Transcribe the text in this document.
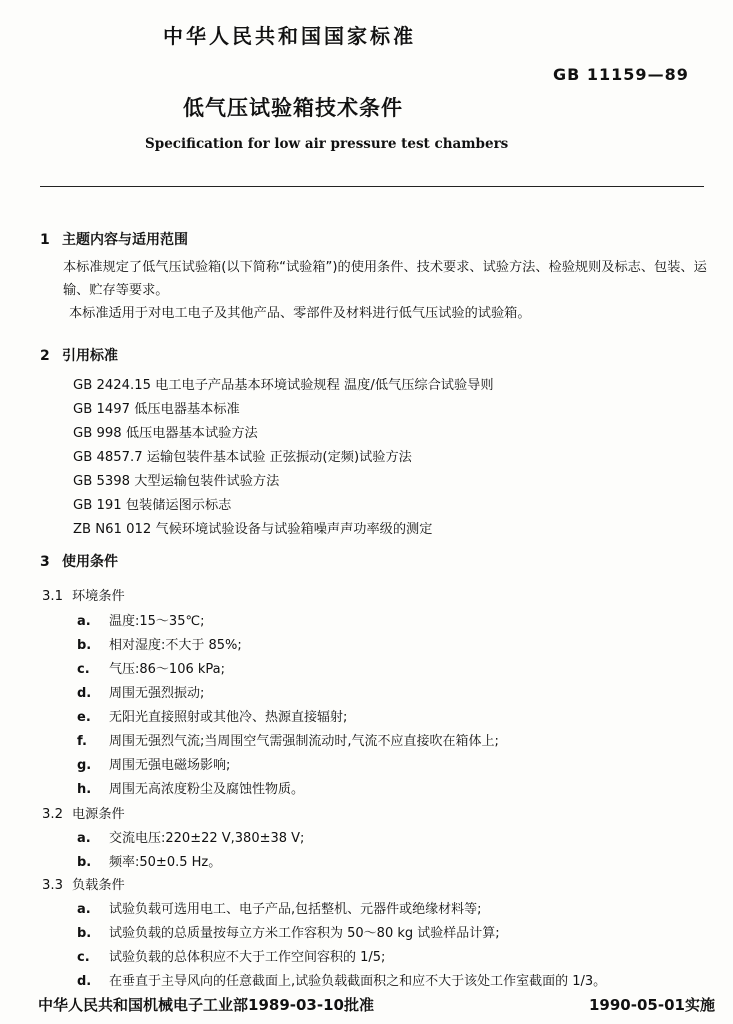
中华人民共和国国家标准
GB 11159—89
低气压试验箱技术条件
Specification for low air pressure test chambers
1 主题内容与适用范围
本标准规定了低气压试验箱(以下简称“试验箱”)的使用条件、技术要求、试验方法、检验规则及标志、包装、运输、贮存等要求。
本标准适用于对电工电子及其他产品、零部件及材料进行低气压试验的试验箱。
2 引用标准
GB 2424.15 电工电子产品基本环境试验规程 温度/低气压综合试验导则
GB 1497 低压电器基本标准
GB 998 低压电器基本试验方法
GB 4857.7 运输包装件基本试验 正弦振动(定频)试验方法
GB 5398 大型运输包装件试验方法
GB 191 包装储运图示标志
ZB N61 012 气候环境试验设备与试验箱噪声声功率级的测定
3 使用条件
3.1 环境条件
a. 温度:15～35℃;
b. 相对湿度:不大于 85%;
c. 气压:86～106 kPa;
d. 周围无强烈振动;
e. 无阳光直接照射或其他冷、热源直接辐射;
f. 周围无强烈气流;当周围空气需强制流动时,气流不应直接吹在箱体上;
g. 周围无强电磁场影响;
h. 周围无高浓度粉尘及腐蚀性物质。
3.2 电源条件
a. 交流电压:220±22 V,380±38 V;
b. 频率:50±0.5 Hz。
3.3 负载条件
a. 试验负载可选用电工、电子产品,包括整机、元器件或绝缘材料等;
b. 试验负载的总质量按每立方米工作容积为 50～80 kg 试验样品计算;
c. 试验负载的总体积应不大于工作空间容积的 1/5;
d. 在垂直于主导风向的任意截面上,试验负载截面积之和应不大于该处工作室截面的 1/3。
中华人民共和国机械电子工业部1989-03-10批准	1990-05-01实施
